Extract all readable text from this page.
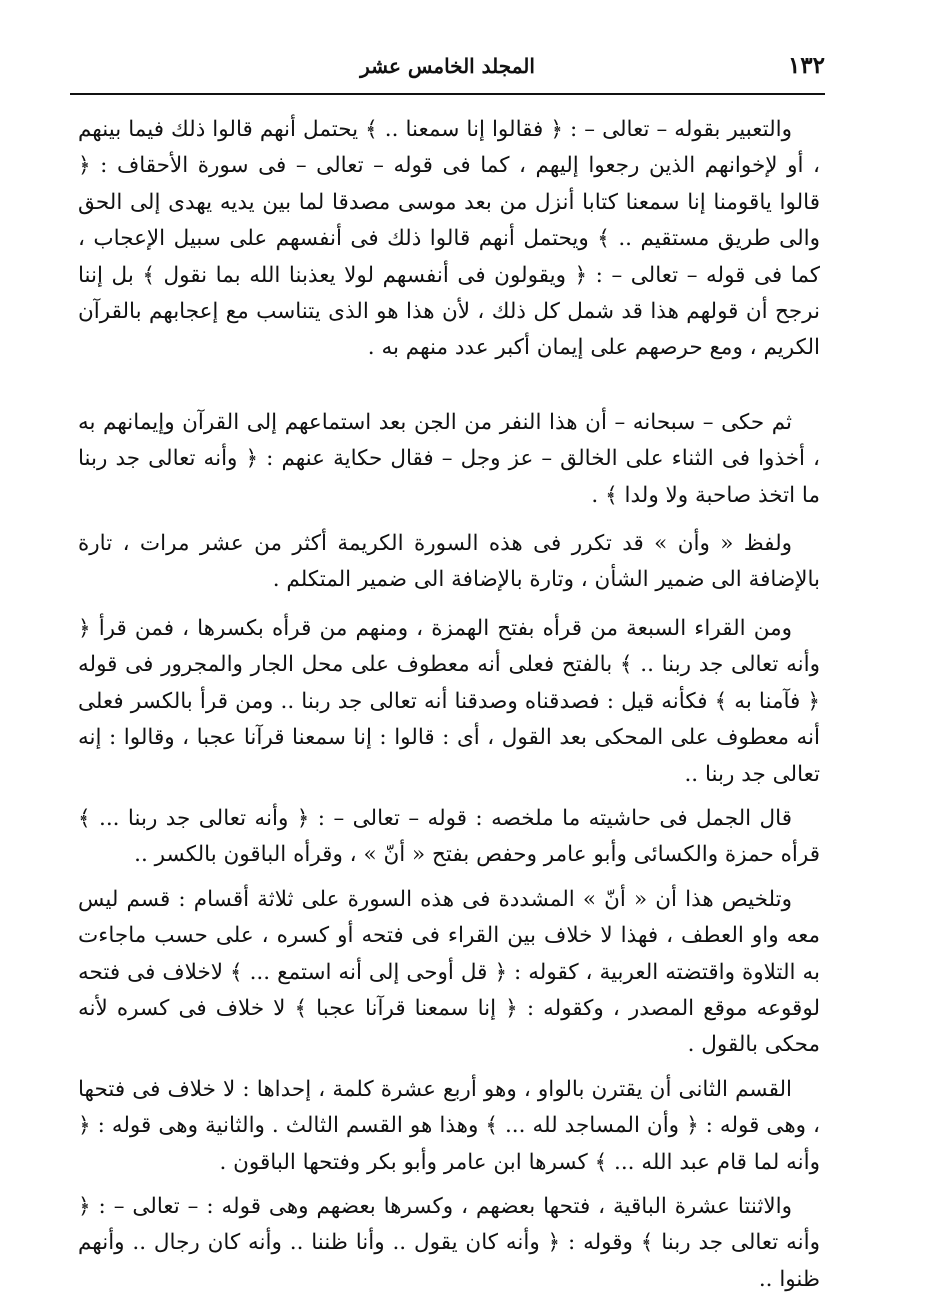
١٣٢
المجلد الخامس عشر

والتعبير بقوله – تعالى – : ﴿ فقالوا إنا سمعنا .. ﴾ يحتمل أنهم قالوا ذلك فيما بينهم ، أو لإخوانهم الذين رجعوا إليهم ، كما فى قوله – تعالى – فى سورة الأحقاف : ﴿ قالوا ياقومنا إنا سمعنا كتابا أنزل من بعد موسى مصدقا لما بين يديه يهدى إلى الحق والى طريق مستقيم .. ﴾ ويحتمل أنهم قالوا ذلك فى أنفسهم على سبيل الإعجاب ، كما فى قوله – تعالى – : ﴿ ويقولون فى أنفسهم لولا يعذبنا الله بما نقول ﴾ بل إننا نرجح أن قولهم هذا قد شمل كل ذلك ، لأن هذا هو الذى يتناسب مع إعجابهم بالقرآن الكريم ، ومع حرصهم على إيمان أكبر عدد منهم به .

ثم حكى – سبحانه – أن هذا النفر من الجن بعد استماعهم إلى القرآن وإيمانهم به ، أخذوا فى الثناء على الخالق – عز وجل – فقال حكاية عنهم : ﴿ وأنه تعالى جد ربنا ما اتخذ صاحبة ولا ولدا ﴾ .

ولفظ « وأن » قد تكرر فى هذه السورة الكريمة أكثر من عشر مرات ، تارة بالإضافة الى ضمير الشأن ، وتارة بالإضافة الى ضمير المتكلم .

ومن القراء السبعة من قرأه بفتح الهمزة ، ومنهم من قرأه بكسرها ، فمن قرأ ﴿ وأنه تعالى جد ربنا .. ﴾ بالفتح فعلى أنه معطوف على محل الجار والمجرور فى قوله ﴿ فآمنا به ﴾ فكأنه قيل : فصدقناه وصدقنا أنه تعالى جد ربنا .. ومن قرأ بالكسر فعلى أنه معطوف على المحكى بعد القول ، أى : قالوا : إنا سمعنا قرآنا عجبا ، وقالوا : إنه تعالى جد ربنا ..

قال الجمل فى حاشيته ما ملخصه : قوله – تعالى – : ﴿ وأنه تعالى جد ربنا ... ﴾ قرأه حمزة والكسائى وأبو عامر وحفص بفتح « أنّ » ، وقرأه الباقون بالكسر ..

وتلخيص هذا أن « أنّ » المشددة فى هذه السورة على ثلاثة أقسام : قسم ليس معه واو العطف ، فهذا لا خلاف بين القراء فى فتحه أو كسره ، على حسب ماجاءت به التلاوة واقتضته العربية ، كقوله : ﴿ قل أوحى إلى أنه استمع ... ﴾ لاخلاف فى فتحه لوقوعه موقع المصدر ، وكقوله : ﴿ إنا سمعنا قرآنا عجبا ﴾ لا خلاف فى كسره لأنه محكى بالقول .

القسم الثانى أن يقترن بالواو ، وهو أربع عشرة كلمة ، إحداها : لا خلاف فى فتحها ، وهى قوله : ﴿ وأن المساجد لله ... ﴾ وهذا هو القسم الثالث . والثانية وهى قوله : ﴿ وأنه لما قام عبد الله ... ﴾ كسرها ابن عامر وأبو بكر وفتحها الباقون .

والاثنتا عشرة الباقية ، فتحها بعضهم ، وكسرها بعضهم وهى قوله : – تعالى – : ﴿ وأنه تعالى جد ربنا ﴾ وقوله : ﴿ وأنه كان يقول .. وأنا ظننا .. وأنه كان رجال .. وأنهم ظنوا ..
